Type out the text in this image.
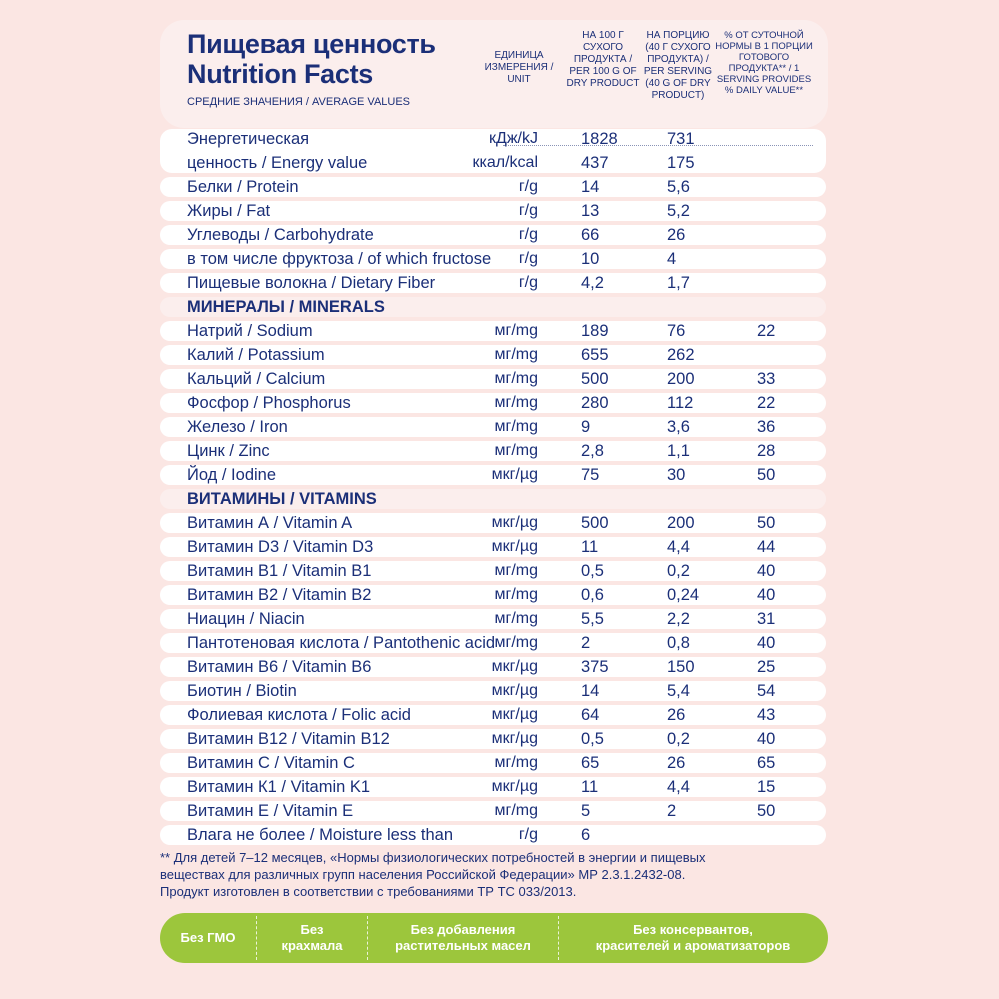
Пищевая ценность
Nutrition Facts
СРЕДНИЕ ЗНАЧЕНИЯ / AVERAGE VALUES
ЕДИНИЦА ИЗМЕРЕНИЯ / UNIT
НА 100 Г СУХОГО ПРОДУКТА / PER 100 G OF DRY PRODUCT
НА ПОРЦИЮ (40 Г СУХОГО ПРОДУКТА) / PER SERVING (40 G OF DRY PRODUCT)
% ОТ СУТОЧНОЙ НОРМЫ В 1 ПОРЦИИ ГОТОВОГО ПРОДУКТА** / 1 SERVING PROVIDES % DAILY VALUE**
Энергетическая	кДж/kJ	1828	731
ценность / Energy value	ккал/kcal	437	175
Белки / Protein	г/g	14	5,6
Жиры / Fat	г/g	13	5,2
Углеводы / Carbohydrate	г/g	66	26
в том числе фруктоза / of which fructose г/g	10	4
Пищевые волокна / Dietary Fiber	г/g	4,2	1,7
МИНЕРАЛЫ / MINERALS
Натрий / Sodium	мг/mg	189	76	22
Калий / Potassium	мг/mg	655	262
Кальций / Calcium	мг/mg	500	200	33
Фосфор / Phosphorus	мг/mg	280	112	22
Железо / Iron	мг/mg	9	3,6	36
Цинк / Zinc	мг/mg	2,8	1,1	28
Йод / Iodine	мкг/µg	75	30	50
ВИТАМИНЫ / VITAMINS
Витамин А / Vitamin A	мкг/µg	500	200	50
Витамин D3 / Vitamin D3	мкг/µg	11	4,4	44
Витамин В1 / Vitamin B1	мг/mg	0,5	0,2	40
Витамин В2 / Vitamin B2	мг/mg	0,6	0,24	40
Ниацин / Niacin	мг/mg	5,5	2,2	31
Пантотеновая кислота / Pantothenic acid мг/mg	2	0,8	40
Витамин В6 / Vitamin B6	мкг/µg	375	150	25
Биотин / Biotin	мкг/µg	14	5,4	54
Фолиевая кислота / Folic acid	мкг/µg	64	26	43
Витамин В12 / Vitamin B12	мкг/µg	0,5	0,2	40
Витамин С / Vitamin C	мг/mg	65	26	65
Витамин К1 / Vitamin K1	мкг/µg	11	4,4	15
Витамин Е / Vitamin E	мг/mg	5	2	50
Влага не более / Moisture less than	г/g	6
** Для детей 7–12 месяцев, «Нормы физиологических потребностей в энергии и пищевых
веществах для различных групп населения Российской Федерации» МР 2.3.1.2432-08.
Продукт изготовлен в соответствии с требованиями ТР ТС 033/2013.
Без ГМО
Без
крахмала
Без добавления
растительных масел
Без консервантов,
красителей и ароматизаторов
